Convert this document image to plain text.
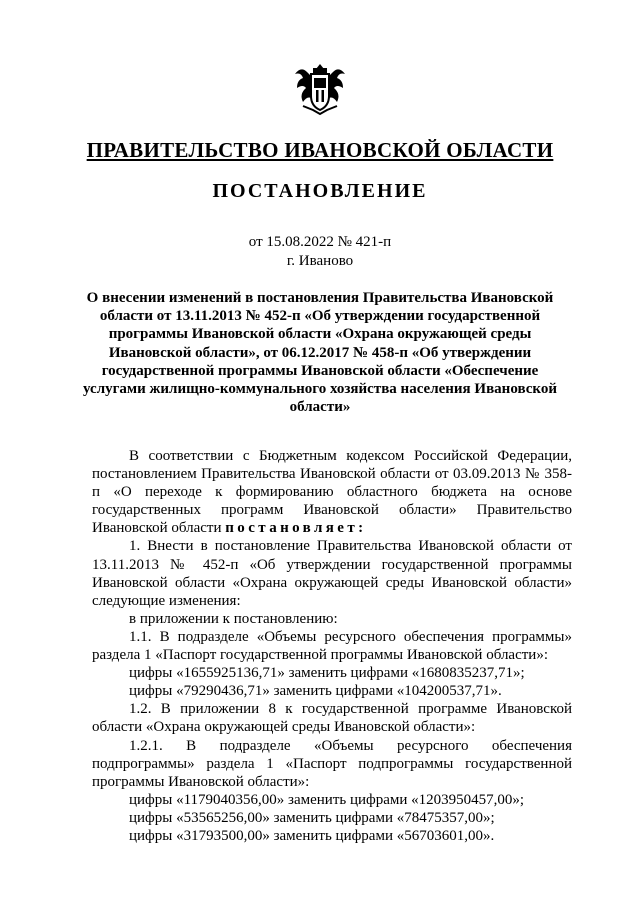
ПРАВИТЕЛЬСТВО ИВАНОВСКОЙ ОБЛАСТИ
ПОСТАНОВЛЕНИЕ
от 15.08.2022 № 421-п
г. Иваново
О внесении изменений в постановления Правительства Ивановской области от 13.11.2013 № 452-п «Об утверждении государственной программы Ивановской области «Охрана окружающей среды Ивановской области», от 06.12.2017 № 458-п «Об утверждении государственной программы Ивановской области «Обеспечение услугами жилищно-коммунального хозяйства населения Ивановской области»

В соответствии с Бюджетным кодексом Российской Федерации, постановлением Правительства Ивановской области от 03.09.2013 № 358-п «О переходе к формированию областного бюджета на основе государственных программ Ивановской области» Правительство Ивановской области постановляет:

1. Внести в постановление Правительства Ивановской области от 13.11.2013 № 452-п «Об утверждении государственной программы Ивановской области «Охрана окружающей среды Ивановской области» следующие изменения:

в приложении к постановлению:

1.1. В подразделе «Объемы ресурсного обеспечения программы» раздела 1 «Паспорт государственной программы Ивановской области»:

цифры «1655925136,71» заменить цифрами «1680835237,71»;

цифры «79290436,71» заменить цифрами «104200537,71».

1.2. В приложении 8 к государственной программе Ивановской области «Охрана окружающей среды Ивановской области»:

1.2.1. В подразделе «Объемы ресурсного обеспечения подпрограммы» раздела 1 «Паспорт подпрограммы государственной программы Ивановской области»:

цифры «1179040356,00» заменить цифрами «1203950457,00»;

цифры «53565256,00» заменить цифрами «78475357,00»;

цифры «31793500,00» заменить цифрами «56703601,00».
